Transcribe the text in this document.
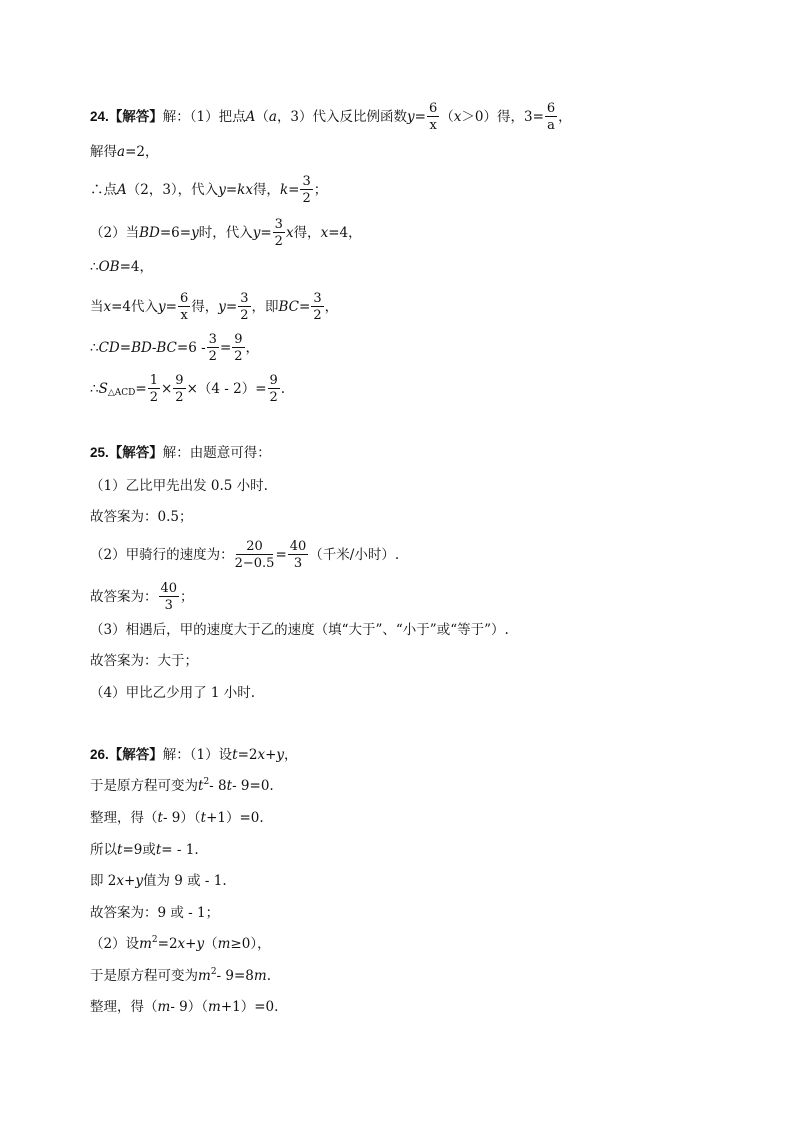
24. 【解答】 解：（1）把点 A （ a ，3）代入反比例函数 $y = \frac{6}{x}$ （ x ＞0）得，$3= \frac{6}{a}$ ，
解得 a =2，
∴点 A （2，3），代入 y = kx 得， $k = \frac{3}{2}$ ；
（2）当 BD =6= y 时，代入 $y = \frac{3}{2}$ x 得， x =4，
∴ OB =4，
当 x =4代入 $y = \frac{6}{x}$ 得， $y = \frac{3}{2}$ ，即 BC = $\frac{3}{2}$ ，
∴ CD = BD - BC $=6 - \frac{3}{2} = \frac{9}{2}$ ，
∴ $S_{\triangle ACD} = \frac{1}{2} \times \frac{9}{2} \times(4 - 2)= \frac{9}{2}$ .
25. 【解答】 解：由题意可得：
（1）乙比甲先出发 0.5 小时.
故答案为：0.5；
（2）甲骑行的速度为： $\frac{20}{2-0.5} = \frac{40}{3}$ （千米/小时）.
故答案为： $\frac{40}{3}$ ；
（3）相遇后，甲的速度大于乙的速度（填“大于”、“小于”或“等于”）.
故答案为：大于；
（4）甲比乙少用了 1 小时.
26. 【解答】 解：（1）设 t =2 x+y ，
于是原方程可变为 $t^2 - 8$ t - 9=0.
整理，得（ t - 9）（ t +1）=0.
所以 t =9或 t = - 1.
即 2 x+y 值为 9 或 - 1.
故答案为：9 或 - 1；
（2）设 $m^2 =2$ x+y （ m ≥0），
于是原方程可变为 $m^2 - 9=8$ m .
整理，得（ m - 9）（ m +1）=0.
